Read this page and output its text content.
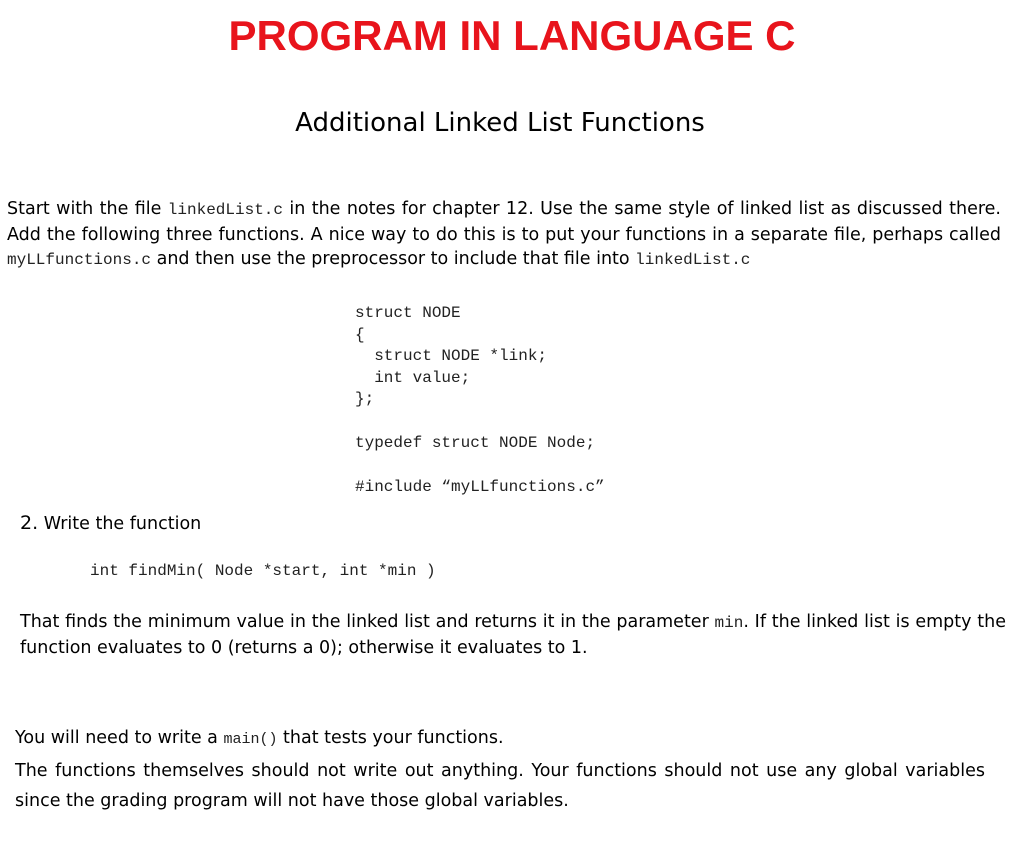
PROGRAM IN LANGUAGE C
Additional Linked List Functions
Start with the file linkedList.c in the notes for chapter 12. Use the same style of linked list as discussed there. Add the following three functions. A nice way to do this is to put your functions in a separate file, perhaps called myLLfunctions.c and then use the preprocessor to include that file into linkedList.c
struct NODE
{
struct NODE *link;
int value;
};
typedef struct NODE Node;
#include “myLLfunctions.c”
2. Write the function
int findMin( Node *start, int *min )
That finds the minimum value in the linked list and returns it in the parameter min. If the linked list is empty the function evaluates to 0 (returns a 0); otherwise it evaluates to 1.
You will need to write a main() that tests your functions.
The functions themselves should not write out anything. Your functions should not use any global variables since the grading program will not have those global variables.
